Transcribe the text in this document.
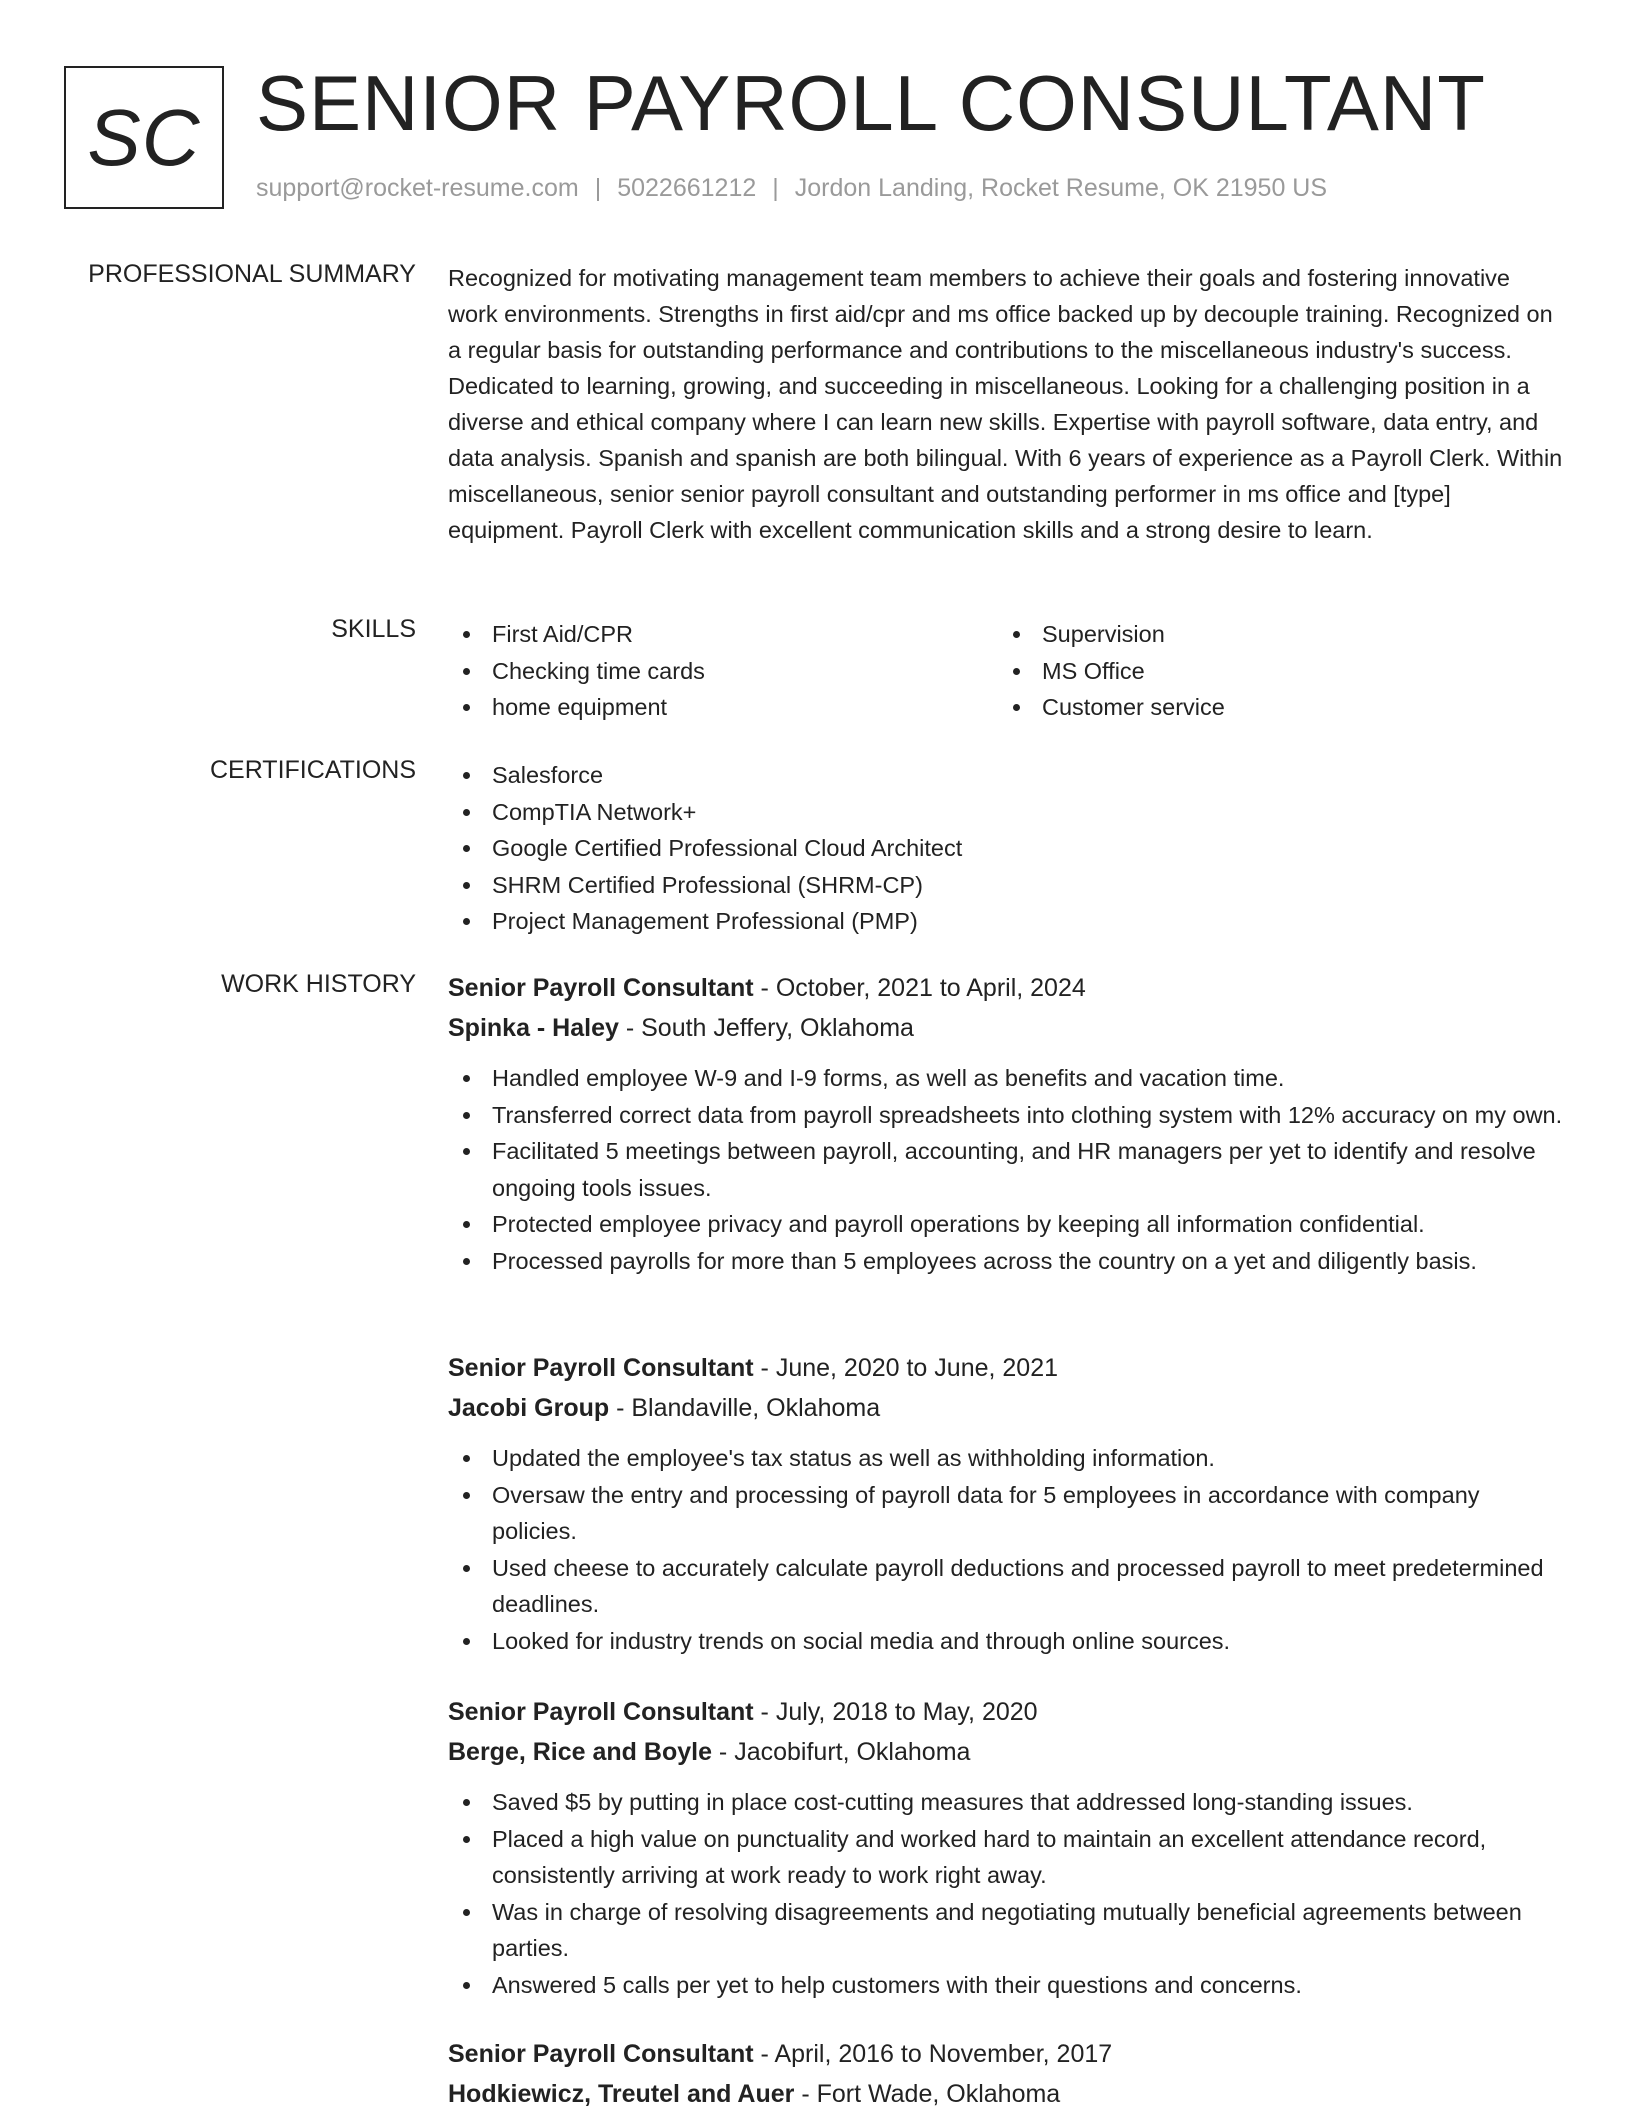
SC SENIOR PAYROLL CONSULTANT
support@rocket-resume.com | 5022661212 | Jordon Landing, Rocket Resume, OK 21950 US
PROFESSIONAL SUMMARY Recognized for motivating management team members to achieve their goals and fostering innovative work environments. Strengths in first aid/cpr and ms office backed up by decouple training. Recognized on a regular basis for outstanding performance and contributions to the miscellaneous industry's success. Dedicated to learning, growing, and succeeding in miscellaneous. Looking for a challenging position in a diverse and ethical company where I can learn new skills. Expertise with payroll software, data entry, and data analysis. Spanish and spanish are both bilingual. With 6 years of experience as a Payroll Clerk. Within miscellaneous, senior senior payroll consultant and outstanding performer in ms office and [type] equipment. Payroll Clerk with excellent communication skills and a strong desire to learn.

SKILLS	First Aid/CPR
Checking time cards
home equipment
Supervision
MS Office
Customer service
CERTIFICATIONS	Salesforce
CompTIA Network+
Google Certified Professional Cloud Architect
SHRM Certified Professional (SHRM-CP)
Project Management Professional (PMP)
WORK HISTORY Senior Payroll Consultant - October, 2021 to April, 2024
Spinka - Haley - South Jeffery, Oklahoma
Handled employee W-9 and I-9 forms, as well as benefits and vacation time.
Transferred correct data from payroll spreadsheets into clothing system with 12% accuracy on my own.
Facilitated 5 meetings between payroll, accounting, and HR managers per yet to identify and resolve ongoing tools issues.
Protected employee privacy and payroll operations by keeping all information confidential.
Processed payrolls for more than 5 employees across the country on a yet and diligently basis.
Senior Payroll Consultant - June, 2020 to June, 2021
Jacobi Group - Blandaville, Oklahoma
Updated the employee's tax status as well as withholding information.
Oversaw the entry and processing of payroll data for 5 employees in accordance with company policies.
Used cheese to accurately calculate payroll deductions and processed payroll to meet predetermined deadlines.
Looked for industry trends on social media and through online sources.
Senior Payroll Consultant - July, 2018 to May, 2020
Berge, Rice and Boyle - Jacobifurt, Oklahoma
Saved $5 by putting in place cost-cutting measures that addressed long-standing issues.
Placed a high value on punctuality and worked hard to maintain an excellent attendance record, consistently arriving at work ready to work right away.
Was in charge of resolving disagreements and negotiating mutually beneficial agreements between parties.
Answered 5 calls per yet to help customers with their questions and concerns.
Senior Payroll Consultant - April, 2016 to November, 2017
Hodkiewicz, Treutel and Auer - Fort Wade, Oklahoma
